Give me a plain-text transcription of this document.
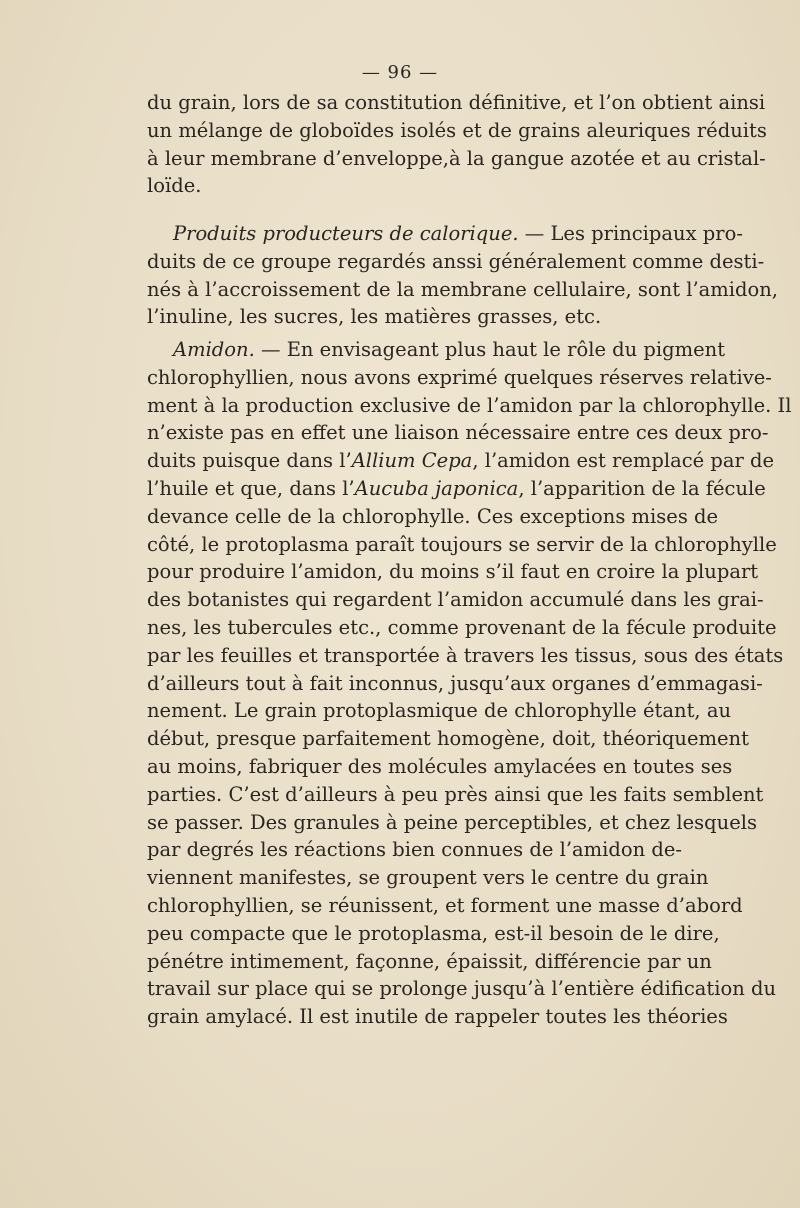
— 96 —
du grain, lors de sa constitution définitive, et l’on obtient ainsi
un mélange de globoïdes isolés et de grains aleuriques réduits
à leur membrane d’enveloppe,à la gangue azotée et au cristal-
loïde.
Produits producteurs de calorique. — Les principaux pro-
duits de ce groupe regardés anssi généralement comme desti-
nés à l’accroissement de la membrane cellulaire, sont l’amidon,
l’inuline, les sucres, les matières grasses, etc.
Amidon. — En envisageant plus haut le rôle du pigment
chlorophyllien, nous avons exprimé quelques réserves relative-
ment à la production exclusive de l’amidon par la chlorophylle. Il
n’existe pas en effet une liaison nécessaire entre ces deux pro-
duits puisque dans l’Allium Cepa, l’amidon est remplacé par de
l’huile et que, dans l’Aucuba japonica, l’apparition de la fécule
devance celle de la chlorophylle. Ces exceptions mises de
côté, le protoplasma paraît toujours se servir de la chlorophylle
pour produire l’amidon, du moins s’il faut en croire la plupart
des botanistes qui regardent l’amidon accumulé dans les grai-
nes, les tubercules etc., comme provenant de la fécule produite
par les feuilles et transportée à travers les tissus, sous des états
d’ailleurs tout à fait inconnus, jusqu’aux organes d’emmagasi-
nement. Le grain protoplasmique de chlorophylle étant, au
début, presque parfaitement homogène, doit, théoriquement
au moins, fabriquer des molécules amylacées en toutes ses
parties. C’est d’ailleurs à peu près ainsi que les faits semblent
se passer. Des granules à peine perceptibles, et chez lesquels
par degrés les réactions bien connues de l’amidon de-
viennent manifestes, se groupent vers le centre du grain
chlorophyllien, se réunissent, et forment une masse d’abord
peu compacte que le protoplasma, est-il besoin de le dire,
pénétre intimement, façonne, épaissit, différencie par un
travail sur place qui se prolonge jusqu’à l’entière édification du
grain amylacé. Il est inutile de rappeler toutes les théories
